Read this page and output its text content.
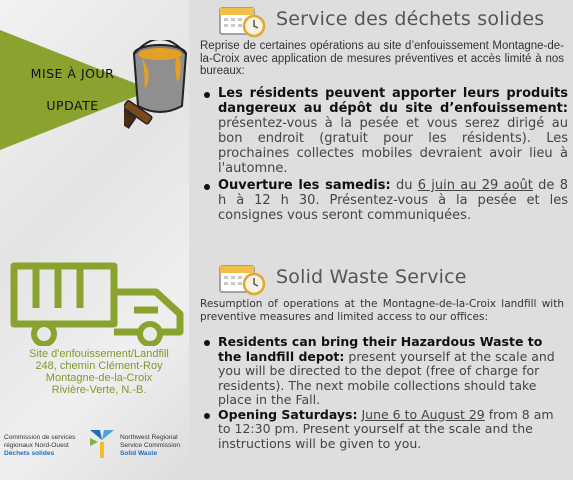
MISE À JOUR
UPDATE
Site d'enfouissement/Landfill
248, chemin Clément-Roy
Montagne-de-la-Croix
Rivière-Verte, N.-B.
Commission de services
régionaux Nord-Ouest
Déchets solides
Northwest Regional
Service Commission
Solid Waste
Service des déchets solides
Reprise de certaines opérations au site d’enfouissement Montagne-de-la-Croix avec application de mesures préventives et accès limité à nos bureaux:
Les résidents peuvent apporter leurs produits dangereux au dépôt du site d’enfouissement: présentez-vous à la pesée et vous serez dirigé au bon endroit (gratuit pour les résidents). Les prochaines collectes mobiles devraient avoir lieu à l'automne.
Ouverture les samedis: du 6 juin au 29 août de 8 h à 12 h 30. Présentez-vous à la pesée et les consignes vous seront communiquées.
Solid Waste Service
Resumption of operations at the Montagne-de-la-Croix landfill with preventive measures and limited access to our offices:
Residents can bring their Hazardous Waste to the landfill depot: present yourself at the scale and you will be directed to the depot (free of charge for residents). The next mobile collections should take place in the Fall.
Opening Saturdays: June 6 to August 29 from 8 am to 12:30 pm. Present yourself at the scale and the instructions will be given to you.
